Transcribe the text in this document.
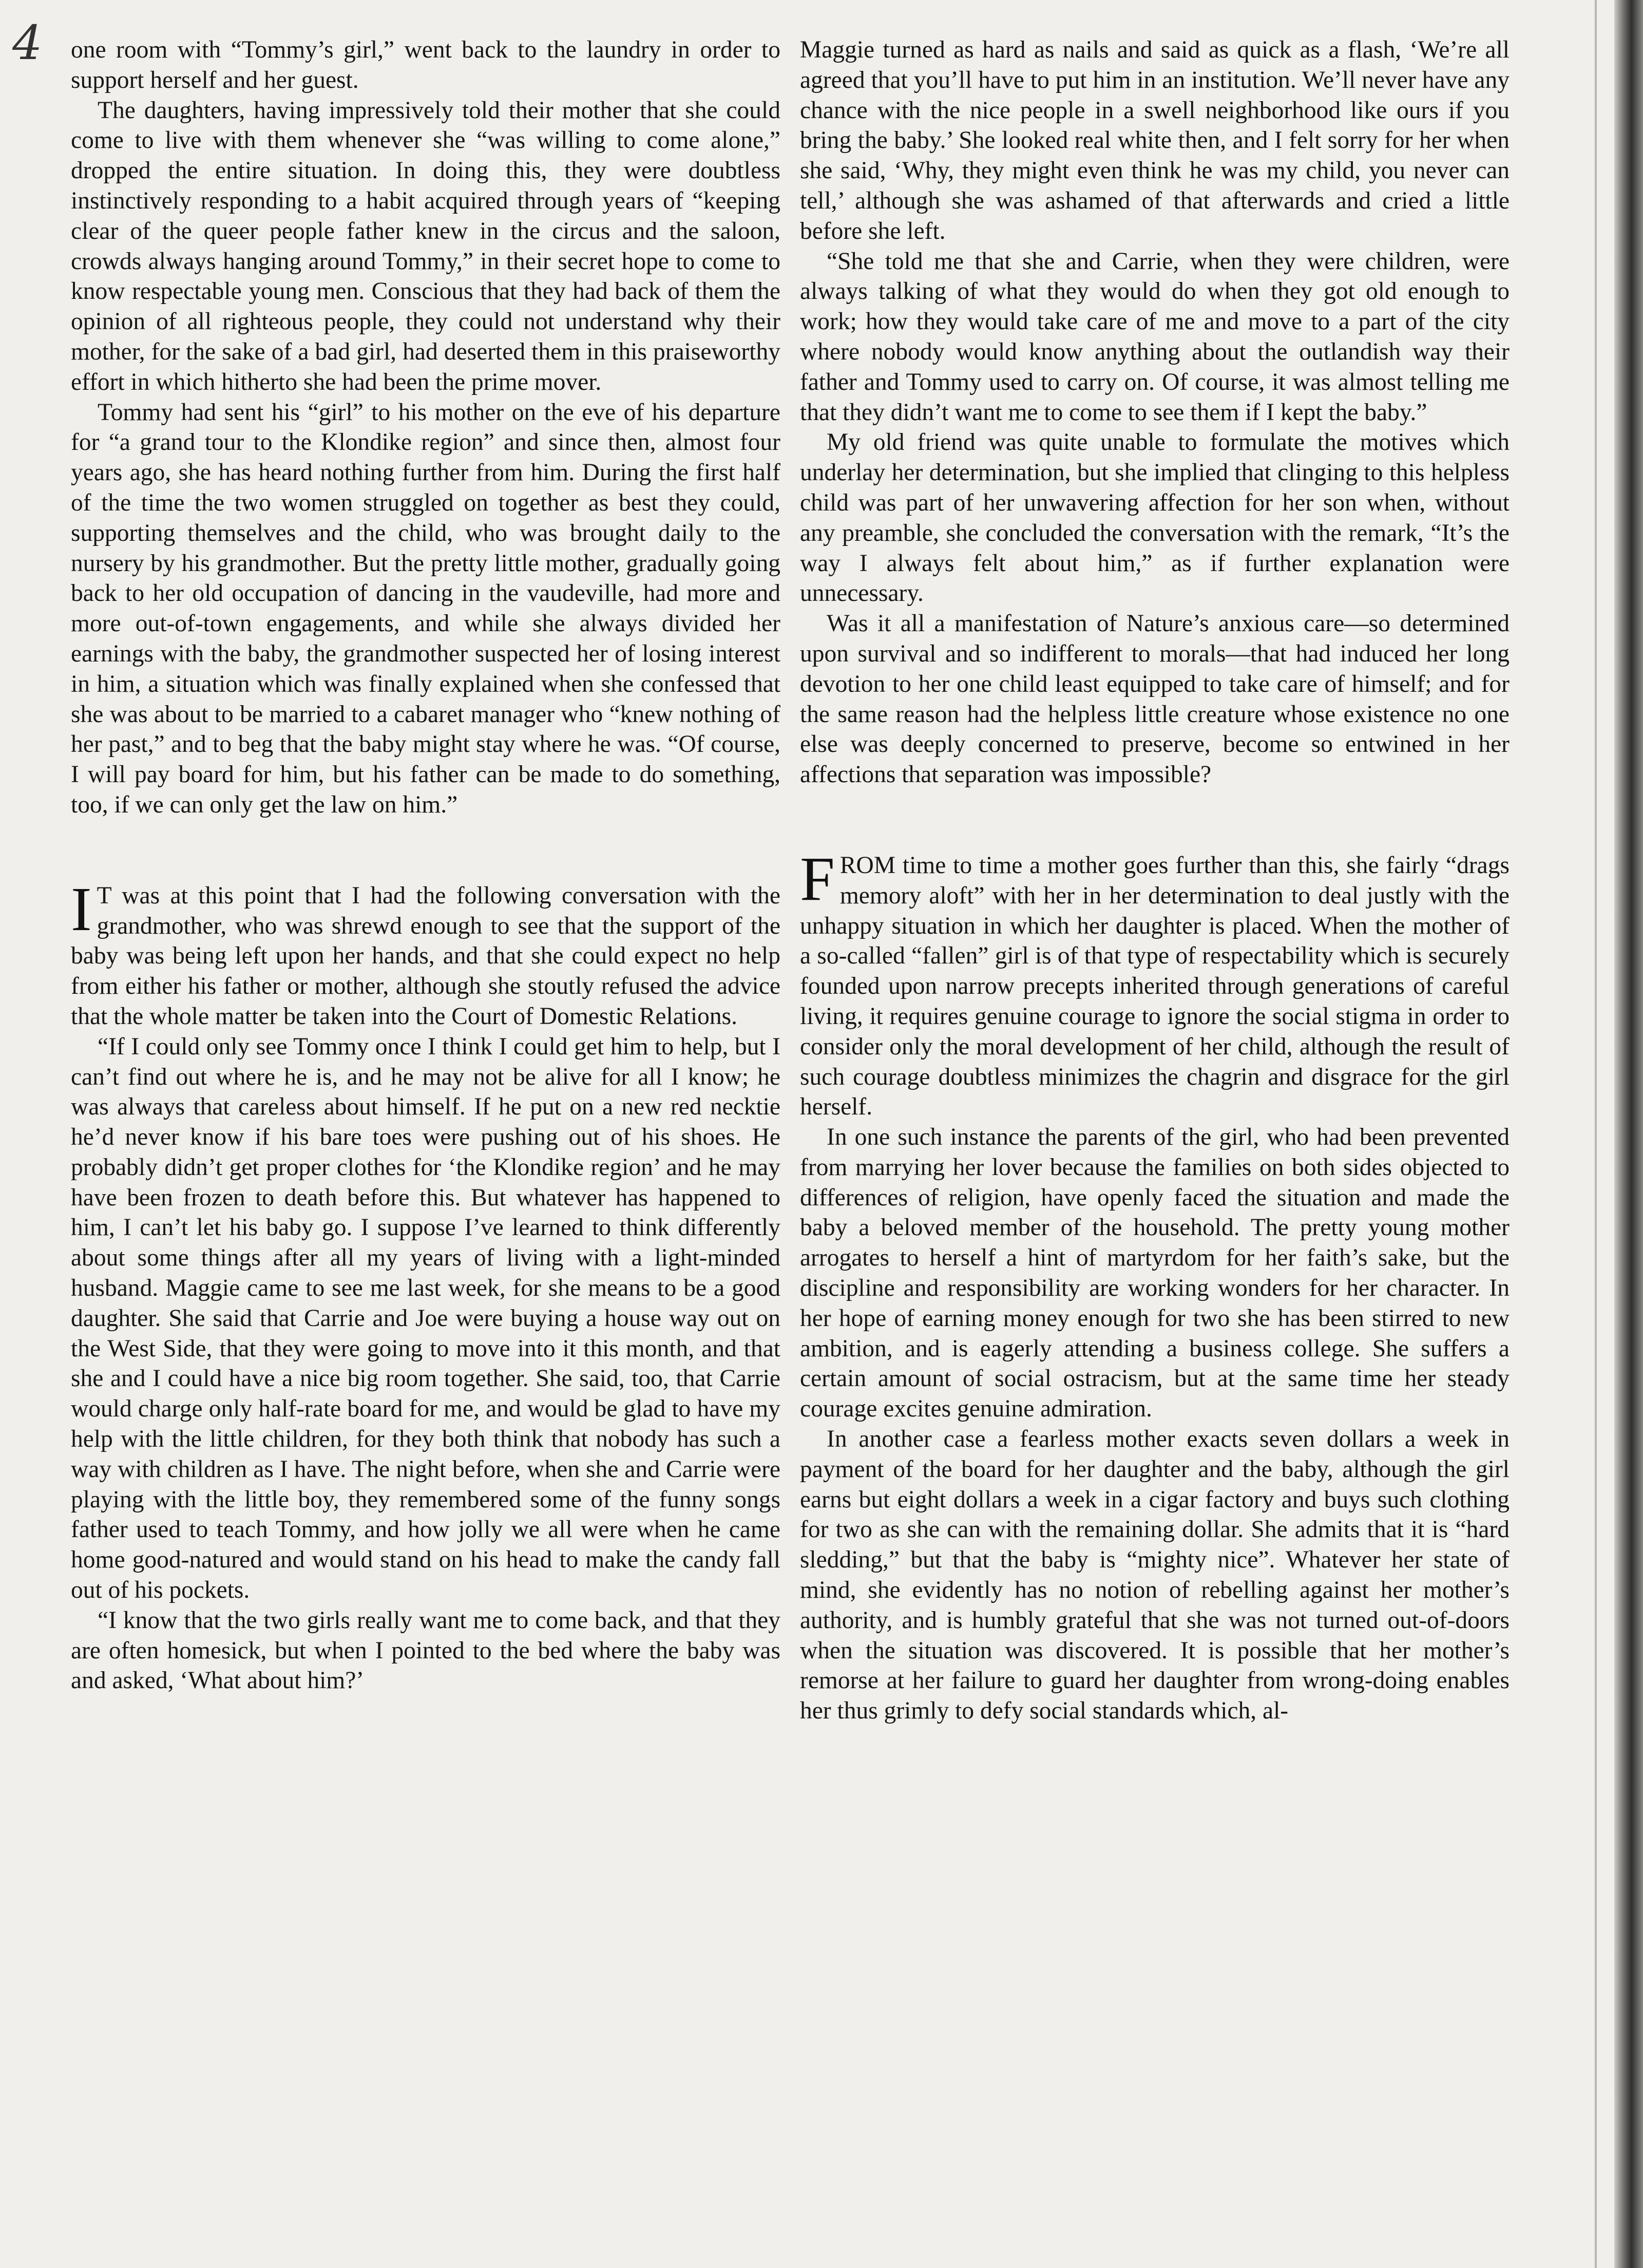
4 one room with “Tommy’s girl,” went back to the laundry in order to support herself and her guest.

The daughters, having impressively told their mother that she could come to live with them whenever she “was willing to come alone,” dropped the entire situation. In doing this, they were doubtless instinctively responding to a habit acquired through years of “keeping clear of the queer people father knew in the circus and the saloon, crowds always hanging around Tommy,” in their secret hope to come to know respectable young men. Conscious that they had back of them the opinion of all righteous people, they could not understand why their mother, for the sake of a bad girl, had deserted them in this praiseworthy effort in which hitherto she had been the prime mover.

Tommy had sent his “girl” to his mother on the eve of his departure for “a grand tour to the Klondike region” and since then, almost four years ago, she has heard nothing further from him. During the first half of the time the two women struggled on together as best they could, supporting themselves and the child, who was brought daily to the nursery by his grandmother. But the pretty little mother, gradually going back to her old occupation of dancing in the vaudeville, had more and more out-of-town engagements, and while she always divided her earnings with the baby, the grandmother suspected her of losing interest in him, a situation which was finally explained when she confessed that she was about to be married to a cabaret manager who “knew nothing of her past,” and to beg that the baby might stay where he was. “Of course, I will pay board for him, but his father can be made to do something, too, if we can only get the law on him.”

I T was at this point that I had the following conversation with the grandmother, who was shrewd enough to see that the support of the baby was being left upon her hands, and that she could expect no help from either his father or mother, although she stoutly refused the advice that the whole matter be taken into the Court of Domestic Relations.

“If I could only see Tommy once I think I could get him to help, but I can’t find out where he is, and he may not be alive for all I know; he was always that careless about himself. If he put on a new red necktie he’d never know if his bare toes were pushing out of his shoes. He probably didn’t get proper clothes for ‘the Klondike region’ and he may have been frozen to death before this. But whatever has happened to him, I can’t let his baby go. I suppose I’ve learned to think differently about some things after all my years of living with a light-minded husband. Maggie came to see me last week, for she means to be a good daughter. She said that Carrie and Joe were buying a house way out on the West Side, that they were going to move into it this month, and that she and I could have a nice big room together. She said, too, that Carrie would charge only half-rate board for me, and would be glad to have my help with the little children, for they both think that nobody has such a way with children as I have. The night before, when she and Carrie were playing with the little boy, they remembered some of the funny songs father used to teach Tommy, and how jolly we all were when he came home good-natured and would stand on his head to make the candy fall out of his pockets.

“I know that the two girls really want me to come back, and that they are often homesick, but when I pointed to the bed where the baby was and asked, ‘What about him?’

Maggie turned as hard as nails and said as quick as a flash, ‘We’re all agreed that you’ll have to put him in an institution. We’ll never have any chance with the nice people in a swell neighborhood like ours if you bring the baby.’ She looked real white then, and I felt sorry for her when she said, ‘Why, they might even think he was my child, you never can tell,’ although she was ashamed of that afterwards and cried a little before she left.

“She told me that she and Carrie, when they were children, were always talking of what they would do when they got old enough to work; how they would take care of me and move to a part of the city where nobody would know anything about the outlandish way their father and Tommy used to carry on. Of course, it was almost telling me that they didn’t want me to come to see them if I kept the baby.”

My old friend was quite unable to formulate the motives which underlay her determination, but she implied that clinging to this helpless child was part of her unwavering affection for her son when, without any preamble, she concluded the conversation with the remark, “It’s the way I always felt about him,” as if further explanation were unnecessary.

Was it all a manifestation of Nature’s anxious care—so determined upon survival and so indifferent to morals—that had induced her long devotion to her one child least equipped to take care of himself; and for the same reason had the helpless little creature whose existence no one else was deeply concerned to preserve, become so entwined in her affections that separation was impossible?

FROM time to time a mother goes further than this, she fairly “drags memory aloft” with her in her determination to deal justly with the unhappy situation in which her daughter is placed. When the mother of a so-called “fallen” girl is of that type of respectability which is securely founded upon narrow precepts inherited through generations of careful living, it requires genuine courage to ignore the social stigma in order to consider only the moral development of her child, although the result of such courage doubtless minimizes the chagrin and disgrace for the girl herself.

In one such instance the parents of the girl, who had been prevented from marrying her lover because the families on both sides objected to differences of religion, have openly faced the situation and made the baby a beloved member of the household. The pretty young mother arrogates to herself a hint of martyrdom for her faith’s sake, but the discipline and responsibility are working wonders for her character. In her hope of earning money enough for two she has been stirred to new ambition, and is eagerly attending a business college. She suffers a certain amount of social ostracism, but at the same time her steady courage excites genuine admiration.

In another case a fearless mother exacts seven dollars a week in payment of the board for her daughter and the baby, although the girl earns but eight dollars a week in a cigar factory and buys such clothing for two as she can with the remaining dollar. She admits that it is “hard sledding,” but that the baby is “mighty nice”. Whatever her state of mind, she evidently has no notion of rebelling against her mother’s authority, and is humbly grateful that she was not turned out-of-doors when the situation was discovered. It is possible that her mother’s remorse at her failure to guard her daughter from wrong-doing enables her thus grimly to defy social standards which, al-
